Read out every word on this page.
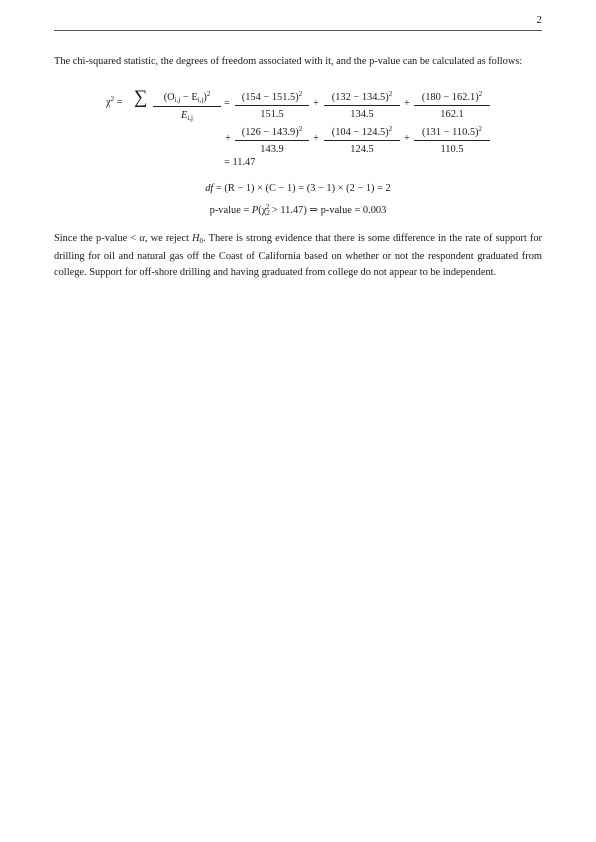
2

The chi-squared statistic, the degrees of freedom associated with it, and the p-value can be calculated as follows:

$\chi^2$ = ∑ $\frac{(O_{i,j} - E_{i,j})^2}{E_{i,j}} = \frac{(154 - 151.5)^2}{151.5} + \frac{(132 - 134.5)^2}{134.5} + \frac{(180 - 162.1)^2}{162.1}$
+ $\frac{(126 - 143.9)^2}{143.9} + \frac{(104 - 124.5)^2}{124.5} + \frac{(131 - 110.5)^2}{110.5}$
= 11.47
df = (R − 1) × (C − 1) = (3 − 1) × (2 − 1) = 2
p-value = $P(\chi_2^2 > 11.47)$ ⇒ p-value = 0.003

Since the p-value < α, we reject $H_0$. There is strong evidence that there is some difference in the rate of support for drilling for oil and natural gas off the Coast of California based on whether or not the respondent graduated from college. Support for off-shore drilling and having graduated from college do not appear to be independent.
